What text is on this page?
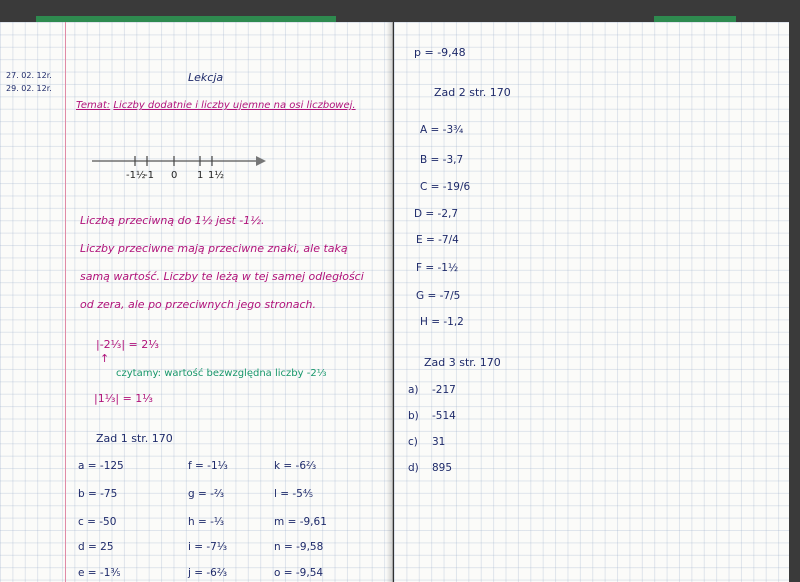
27. 02. 12r.
29. 02. 12r.
Lekcja
Temat: Liczby dodatnie i liczby ujemne na osi liczbowej.
-1½
-1 0 1 1½
Liczbą przeciwną do 1½ jest -1½.
Liczby przeciwne mają przeciwne znaki, ale taką
samą wartość. Liczby te leżą w tej samej odległości
od zera, ale po przeciwnych jego stronach.
|-2⅓| = 2⅓
↑
czytamy: wartość bezwzględna liczby -2⅓
|1⅓| = 1⅓
Zad 1 str. 170
a = -125
b = -75
c = -50
d = 25
e = -1⅗
f = -1⅓
g = -⅔
h = -⅓
i = -7⅓
j = -6⅔
k = -6⅔
l = -5⅘
m = -9,61
n = -9,58
o = -9,54
p = -9,48
Zad 2 str. 170
A = -3¾
B = -3,7
C = -19/6
D = -2,7
E = -7/4
F = -1½
G = -7/5
H = -1,2
Zad 3 str. 170
a) -217
b) -514
c) 31
d) 895
